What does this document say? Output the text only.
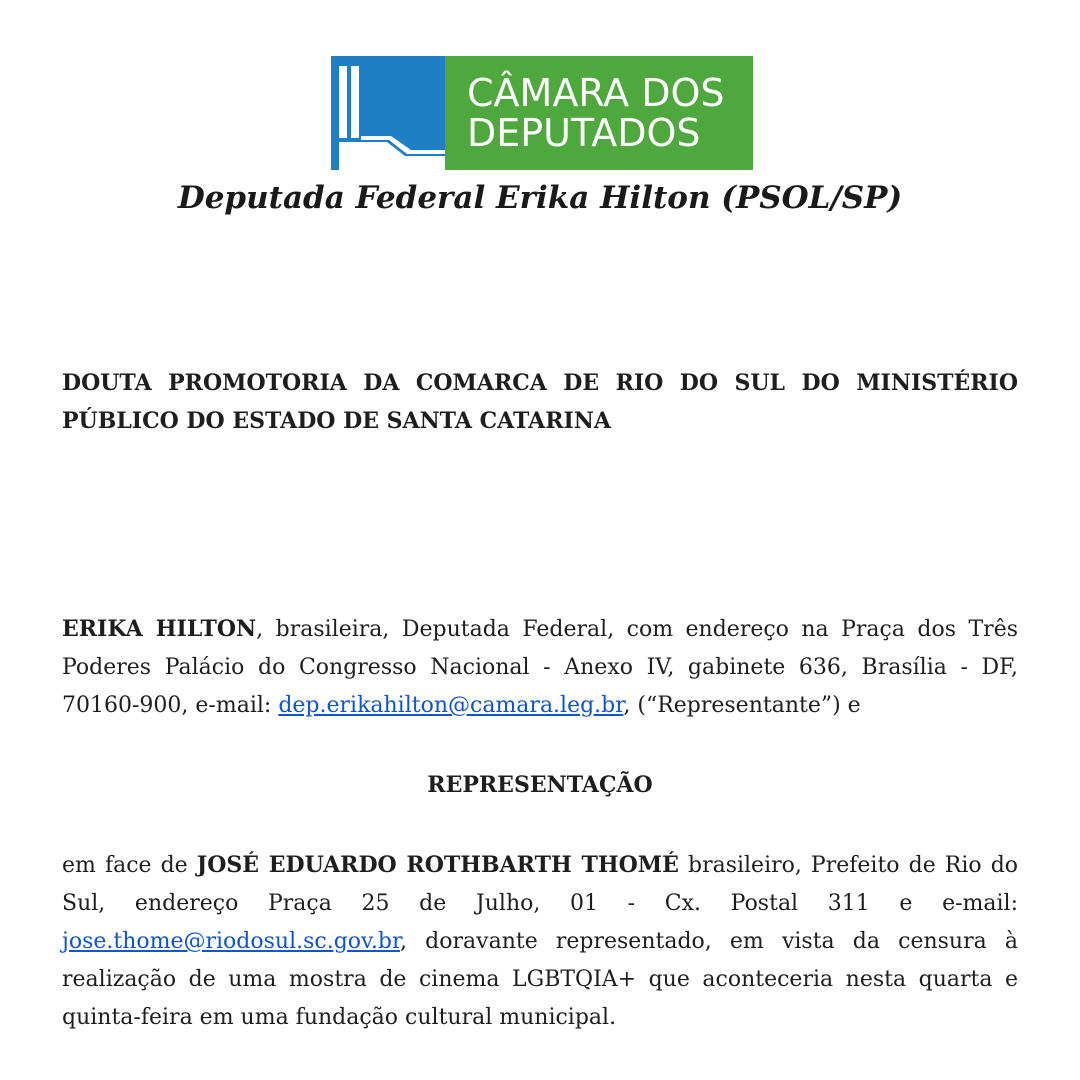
CÂMARA DOS
DEPUTADOS
Deputada Federal Erika Hilton (PSOL/SP)
DOUTA PROMOTORIA DA COMARCA DE RIO DO SUL DO MINISTÉRIO
PÚBLICO DO ESTADO DE SANTA CATARINA
ERIKA HILTON, brasileira, Deputada Federal, com endereço na Praça dos Três
Poderes Palácio do Congresso Nacional - Anexo IV, gabinete 636, Brasília - DF,
70160-900, e-mail: dep.erikahilton@camara.leg.br, (“Representante”) e
REPRESENTAÇÃO
em face de JOSÉ EDUARDO ROTHBARTH THOMÉ brasileiro, Prefeito de Rio do
Sul, endereço Praça 25 de Julho, 01 - Cx. Postal 311 e e-mail:
jose.thome@riodosul.sc.gov.br, doravante representado, em vista da censura à
realização de uma mostra de cinema LGBTQIA+ que aconteceria nesta quarta e
quinta-feira em uma fundação cultural municipal.
